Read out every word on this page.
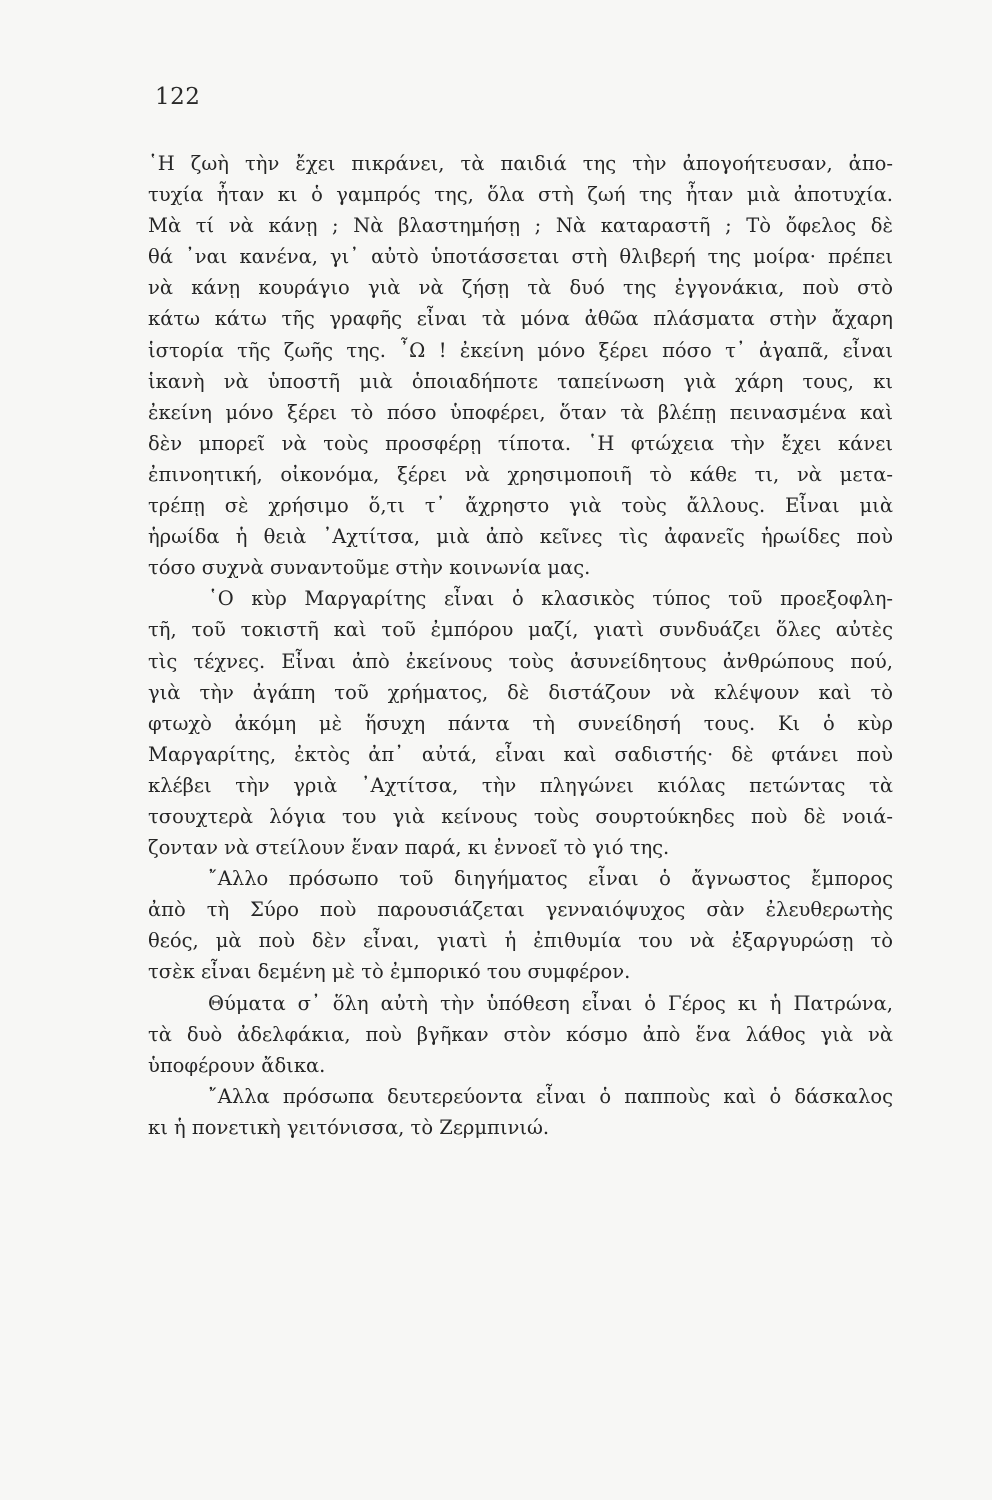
122
῾Η ζωὴ τὴν ἔχει πικράνει, τὰ παιδιά της τὴν ἀπογοήτευσαν, ἀπο-
τυχία ἦταν κι ὁ γαμπρός της, ὅλα στὴ ζωή της ἦταν μιὰ ἀποτυχία.
Μὰ τί νὰ κάνῃ ; Νὰ βλαστημήσῃ ; Νὰ καταραστῆ ; Τὸ ὄφελος δὲ
θά ᾽ναι κανένα, γι᾽ αὐτὸ ὑποτάσσεται στὴ θλιβερή της μοίρα· πρέπει
νὰ κάνῃ κουράγιο γιὰ νὰ ζήσῃ τὰ δυό της ἐγγονάκια, ποὺ στὸ
κάτω κάτω τῆς γραφῆς εἶναι τὰ μόνα ἀθῶα πλάσματα στὴν ἄχαρη
ἱστορία τῆς ζωῆς της. ῏Ω ! ἐκείνη μόνο ξέρει πόσο τ᾽ ἀγαπᾶ, εἶναι
ἱκανὴ νὰ ὑποστῆ μιὰ ὁποιαδήποτε ταπείνωση γιὰ χάρη τους, κι
ἐκείνη μόνο ξέρει τὸ πόσο ὑποφέρει, ὅταν τὰ βλέπῃ πεινασμένα καὶ
δὲν μπορεῖ νὰ τοὺς προσφέρῃ τίποτα. ῾Η φτώχεια τὴν ἔχει κάνει
ἐπινοητική, οἰκονόμα, ξέρει νὰ χρησιμοποιῆ τὸ κάθε τι, νὰ μετα-
τρέπῃ σὲ χρήσιμο ὅ,τι τ᾽ ἄχρηστο γιὰ τοὺς ἄλλους. Εἶναι μιὰ
ἡρωίδα ἡ θειὰ ᾽Αχτίτσα, μιὰ ἀπὸ κεῖνες τὶς ἀφανεῖς ἡρωίδες ποὺ
τόσο συχνὰ συναντοῦμε στὴν κοινωνία μας.
῾Ο κὺρ Μαργαρίτης εἶναι ὁ κλασικὸς τύπος τοῦ προεξοφλη-
τῆ, τοῦ τοκιστῆ καὶ τοῦ ἐμπόρου μαζί, γιατὶ συνδυάζει ὅλες αὐτὲς
τὶς τέχνες. Εἶναι ἀπὸ ἐκείνους τοὺς ἀσυνείδητους ἀνθρώπους πού,
γιὰ τὴν ἀγάπη τοῦ χρήματος, δὲ διστάζουν νὰ κλέψουν καὶ τὸ
φτωχὸ ἀκόμη μὲ ἥσυχη πάντα τὴ συνείδησή τους. Κι ὁ κὺρ
Μαργαρίτης, ἐκτὸς ἀπ᾽ αὐτά, εἶναι καὶ σαδιστής· δὲ φτάνει ποὺ
κλέβει τὴν γριὰ ᾽Αχτίτσα, τὴν πληγώνει κιόλας πετώντας τὰ
τσουχτερὰ λόγια του γιὰ κείνους τοὺς σουρτούκηδες ποὺ δὲ νοιά-
ζονταν νὰ στείλουν ἕναν παρά, κι ἐννοεῖ τὸ γιό της.
῎Αλλο πρόσωπο τοῦ διηγήματος εἶναι ὁ ἄγνωστος ἔμπορος
ἀπὸ τὴ Σύρο ποὺ παρουσιάζεται γενναιόψυχος σὰν ἐλευθερωτὴς
θεός, μὰ ποὺ δὲν εἶναι, γιατὶ ἡ ἐπιθυμία του νὰ ἐξαργυρώσῃ τὸ
τσὲκ εἶναι δεμένη μὲ τὸ ἐμπορικό του συμφέρον.
Θύματα σ᾽ ὅλη αὐτὴ τὴν ὑπόθεση εἶναι ὁ Γέρος κι ἡ Πατρώνα,
τὰ δυὸ ἀδελφάκια, ποὺ βγῆκαν στὸν κόσμο ἀπὸ ἕνα λάθος γιὰ νὰ
ὑποφέρουν ἄδικα.
῎Αλλα πρόσωπα δευτερεύοντα εἶναι ὁ παπποὺς καὶ ὁ δάσκαλος
κι ἡ πονετικὴ γειτόνισσα, τὸ Ζερμπινιώ.
